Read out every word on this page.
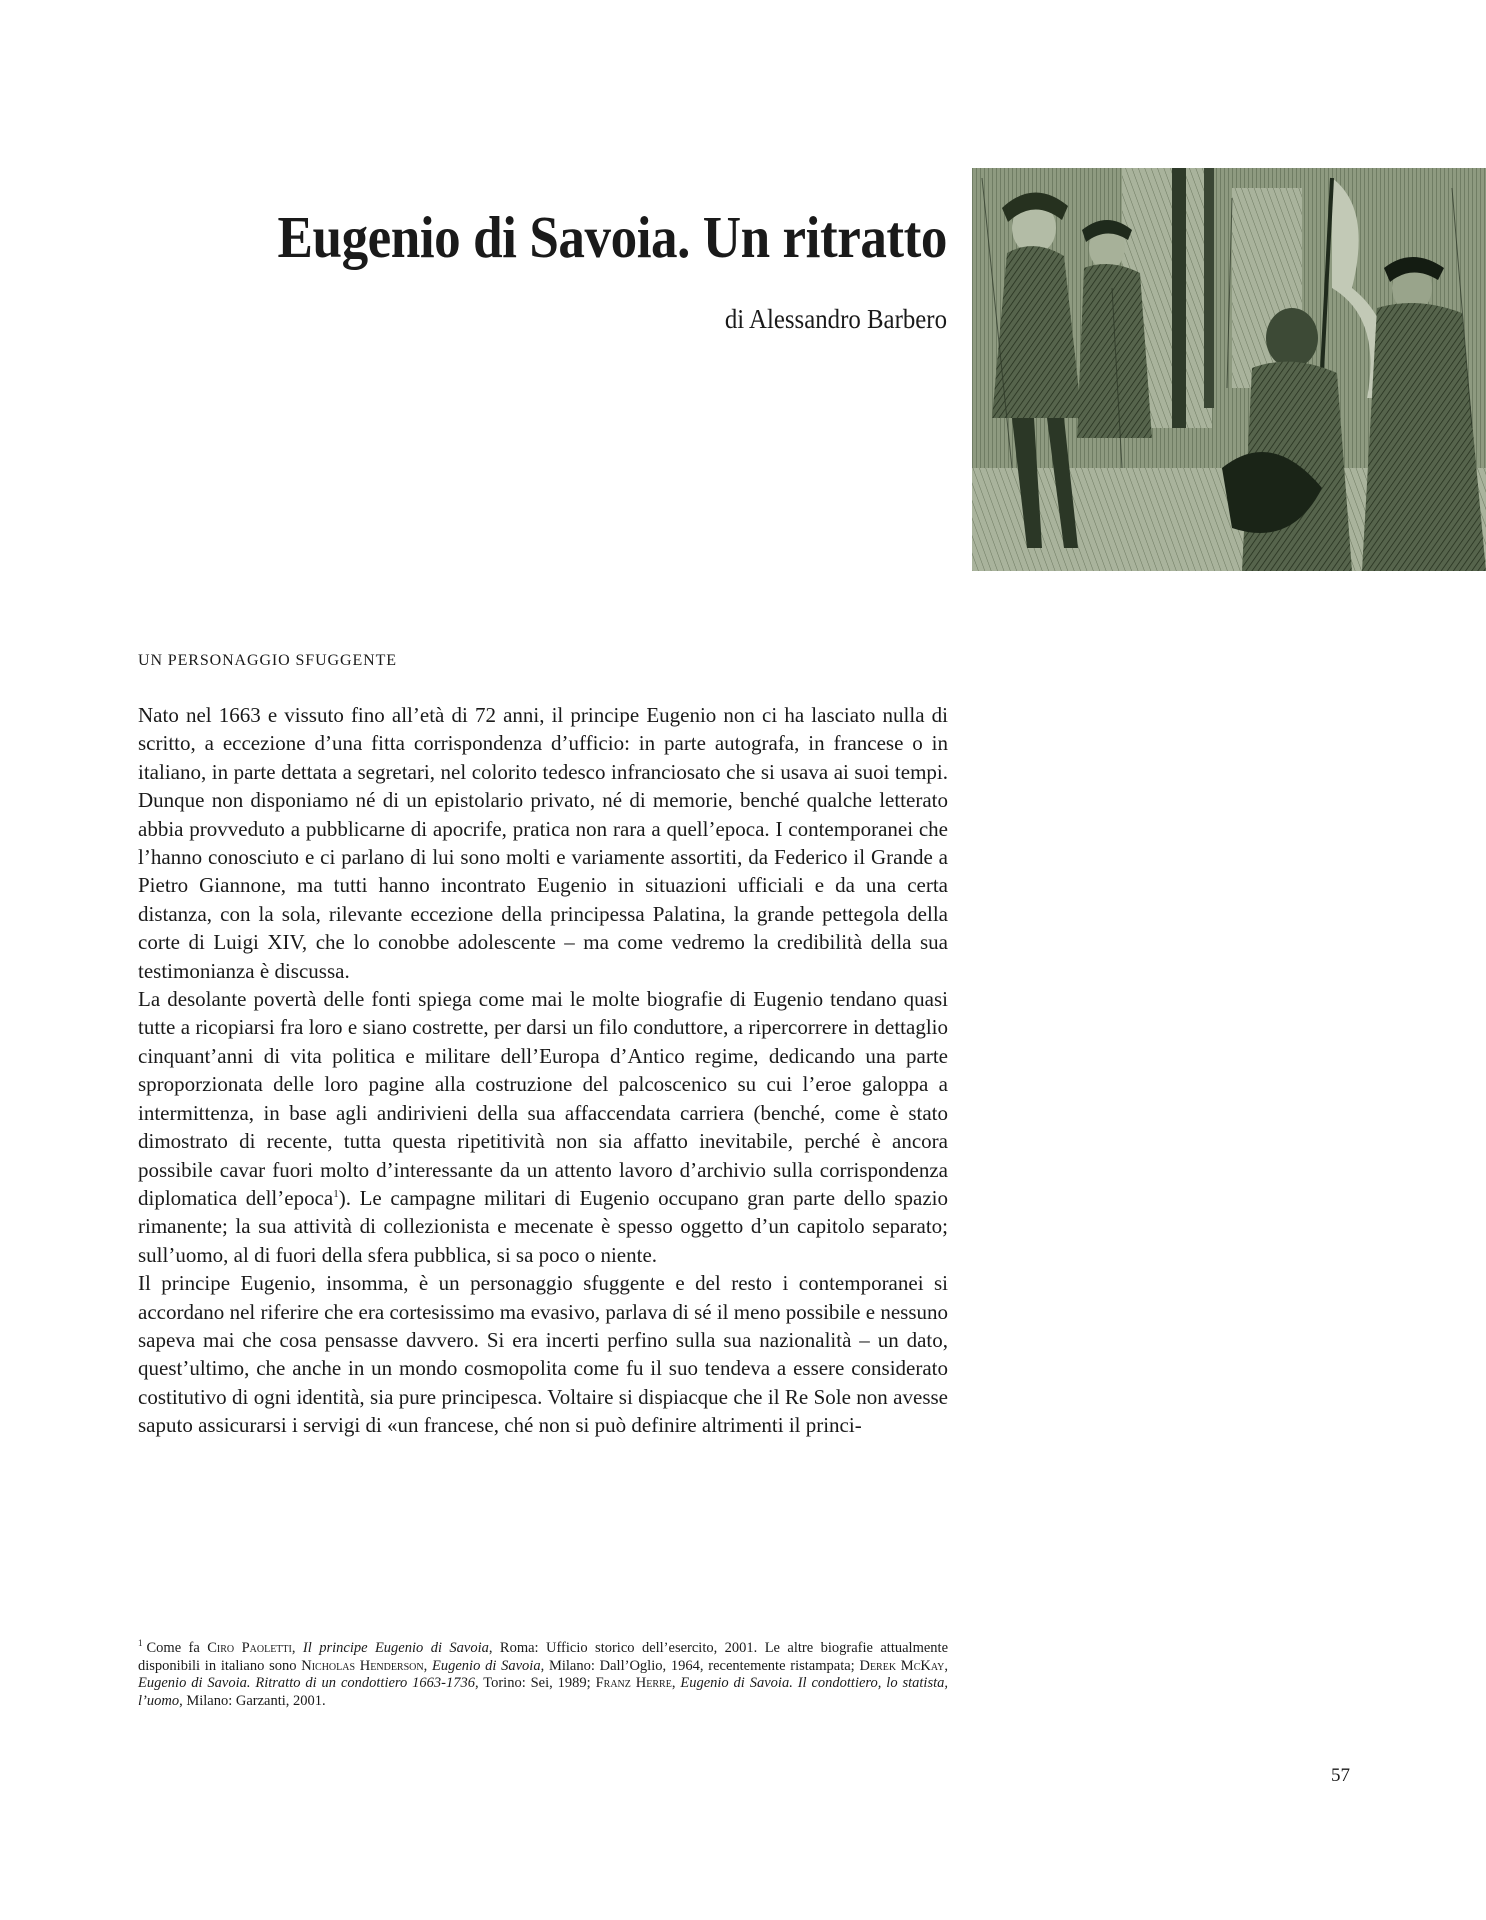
Eugenio di Savoia. Un ritratto
di Alessandro Barbero
UN PERSONAGGIO SFUGGENTE

Nato nel 1663 e vissuto fino all’età di 72 anni, il principe Eugenio non ci ha lasciato nulla di scritto, a eccezione d’una fitta corrispondenza d’ufficio: in parte autografa, in francese o in italiano, in parte dettata a segretari, nel colorito tedesco infranciosato che si usava ai suoi tempi. Dunque non disponiamo né di un epistolario privato, né di memorie, benché qualche letterato abbia provveduto a pubblicarne di apocrife, pratica non rara a quell’epoca. I contemporanei che l’hanno conosciuto e ci parlano di lui sono molti e variamente assortiti, da Federico il Grande a Pietro Giannone, ma tutti hanno incontrato Eugenio in situazioni ufficiali e da una certa distanza, con la sola, rilevante eccezione della principessa Palatina, la grande pettegola della corte di Luigi XIV, che lo conobbe adolescente – ma come vedremo la credibilità della sua testimonianza è discussa.

La desolante povertà delle fonti spiega come mai le molte biografie di Eugenio tendano quasi tutte a ricopiarsi fra loro e siano costrette, per darsi un filo conduttore, a ripercorrere in dettaglio cinquant’anni di vita politica e militare dell’Europa d’Antico regime, dedicando una parte sproporzionata delle loro pagine alla costruzione del palcoscenico su cui l’eroe galoppa a intermittenza, in base agli andirivieni della sua affaccendata carriera (benché, come è stato dimostrato di recente, tutta questa ripetitività non sia affatto inevitabile, perché è ancora possibile cavar fuori molto d’interessante da un attento lavoro d’archivio sulla corrispondenza diplomatica dell’epoca$^1$). Le campagne militari di Eugenio occupano gran parte dello spazio rimanente; la sua attività di collezionista e mecenate è spesso oggetto d’un capitolo separato; sull’uomo, al di fuori della sfera pubblica, si sa poco o niente.

Il principe Eugenio, insomma, è un personaggio sfuggente e del resto i contemporanei si accordano nel riferire che era cortesissimo ma evasivo, parlava di sé il meno possibile e nessuno sapeva mai che cosa pensasse davvero. Si era incerti perfino sulla sua nazionalità – un dato, quest’ultimo, che anche in un mondo cosmopolita come fu il suo tendeva a essere considerato costitutivo di ogni identità, sia pure principesca. Voltaire si dispiacque che il Re Sole non avesse saputo assicurarsi i servigi di «un francese, ché non si può definire altrimenti il princi-

$^1$ Come fa Ciro Paoletti, Il principe Eugenio di Savoia, Roma: Ufficio storico dell’esercito, 2001. Le altre biografie attualmente disponibili in italiano sono Nicholas Henderson, Eugenio di Savoia, Milano: Dall’Oglio, 1964, recentemente ristampata; Derek McKay, Eugenio di Savoia. Ritratto di un condottiero 1663-1736, Torino: Sei, 1989; Franz Herre, Eugenio di Savoia. Il condottiero, lo statista, l’uomo, Milano: Garzanti, 2001.
57
